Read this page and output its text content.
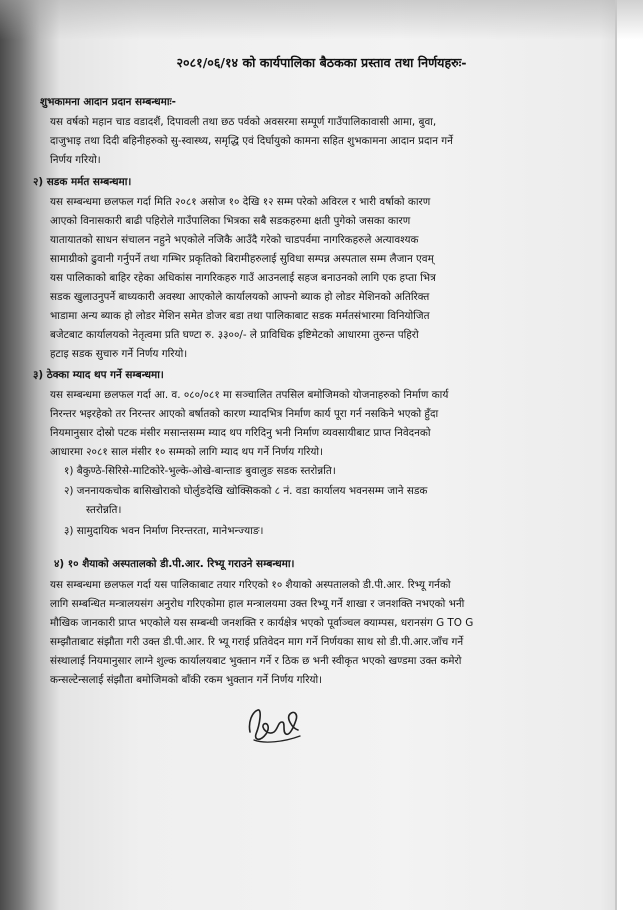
२०८१/०६/१४ को कार्यपालिका बैठकका प्रस्ताव तथा निर्णयहरुः-
शुभकामना आदान प्रदान सम्बन्धमाः-
यस वर्षको महान चाड वडादशैं, दिपावली तथा छठ पर्वको अवसरमा सम्पूर्ण गाउँपालिकावासी आमा, बुवा,
दाजुभाइ तथा दिदी बहिनीहरुको सु-स्वास्थ्य, समृद्धि एवं दिर्घायुको कामना सहित शुभकामना आदान प्रदान गर्ने
निर्णय गरियो।
२) सडक मर्मत सम्बन्धमा।
यस सम्बन्धमा छलफल गर्दा मिति २०८१ असोज १० देखि १२ सम्म परेको अविरल र भारी वर्षाको कारण
आएको विनासकारी बाढी पहिरोले गाउँपालिका भित्रका सबै सडकहरुमा क्षती पुगेको जसका कारण
यातायातको साधन संचालन नहुने भएकोले नजिकै आउँदै गरेको चाडपर्वमा नागरिकहरुले अत्यावश्यक
सामाग्रीको ढुवानी गर्नुपर्ने तथा गम्भिर प्रकृतिको बिरामीहरुलाई सुविधा सम्पन्न अस्पताल सम्म लैजान एवम्
यस पालिकाको बाहिर रहेका अधिकांस नागरिकहरु गाउँ आउनलाई सहज बनाउनको लागि एक हप्ता भित्र
सडक खुलाउनुपर्ने बाध्यकारी अवस्था आएकोले कार्यालयको आफ्नो ब्याक हो लोडर मेशिनको अतिरिक्त
भाडामा अन्य ब्याक हो लोडर मेशिन समेत डोजर बडा तथा पालिकाबाट सडक मर्मतसंभारमा विनियोजित
बजेटबाट कार्यालयको नेतृत्वमा प्रति घण्टा रु. ३३००/- ले प्राविधिक इष्टिमेटको आधारमा तुरुन्त पहिरो
हटाइ सडक सुचारु गर्ने निर्णय गरियो।
३) ठेक्का म्याद थप गर्ने सम्बन्धमा।
यस सम्बन्धमा छलफल गर्दा आ. व. ०८०/०८१ मा सञ्चालित तपसिल बमोजिमको योजनाहरुको निर्माण कार्य
निरन्तर भइरहेको तर निरन्तर आएको बर्षातको कारण म्यादभित्र निर्माण कार्य पूरा गर्न नसकिने भएको हुँदा
नियमानुसार दोस्रो पटक मंसीर मसान्तसम्म म्याद थप गरिदिनु भनी निर्माण व्यवसायीबाट प्राप्त निवेदनको
आधारमा २०८१ साल मंसीर १० सम्मको लागि म्याद थप गर्ने निर्णय गरियो।
१) बैकुण्ठे-सिरिसे-माटिकोरे-भुल्के-ओखे-बान्ताङ बुवालुङ सडक स्तरोन्नति।
२) जननायकचोक बासिखोराको घोर्लुङदेखि खोक्सिकको ८ नं. वडा कार्यालय भवनसम्म जाने सडक
स्तरोन्नति।
३) सामुदायिक भवन निर्माण निरन्तरता, मानेभन्ज्याङ।
४) १० शैयाको अस्पतालको डी.पी.आर. रिभ्यू गराउने सम्बन्धमा।
यस सम्बन्धमा छलफल गर्दा यस पालिकाबाट तयार गरिएको १० शैयाको अस्पतालको डी.पी.आर. रिभ्यू गर्नको
लागि सम्बन्धित मन्त्रालयसंग अनुरोध गरिएकोमा हाल मन्त्रालयमा उक्त रिभ्यू गर्ने शाखा र जनशक्ति नभएको भनी
मौखिक जानकारी प्राप्त भएकोले यस सम्बन्धी जनशक्ति र कार्यक्षेत्र भएको पूर्वाञ्चल क्याम्पस, धरानसंग G TO G
सम्झौताबाट संझौता गरी उक्त डी.पी.आर. रि भ्यू गराई प्रतिवेदन माग गर्ने निर्णयका साथ सो डी.पी.आर.जाँच गर्ने
संस्थालाई नियमानुसार लाग्ने शुल्क कार्यालयबाट भुक्तान गर्ने र ठिक छ भनी स्वीकृत भएको खण्डमा उक्त कमेरो
कन्सल्टेन्सलाई संझौता बमोजिमको बाँकी रकम भुक्तान गर्ने निर्णय गरियो।
